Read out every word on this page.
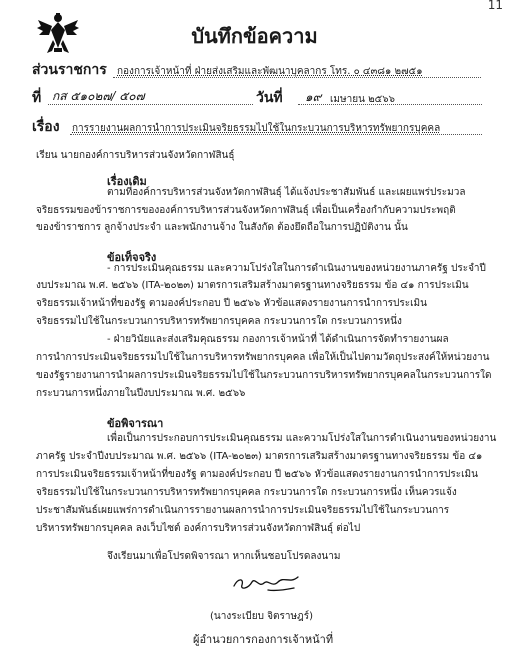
11
บันทึกข้อความ
ส่วนราชการ กองการเจ้าหน้าที่ ฝ่ายส่งเสริมและพัฒนาบุคลากร โทร. ๐ ๔๓๘๑ ๒๗๕๑
ที่ กส ๕๑๐๒๗/ ๕๐๗	วันที่ ๑๙ เมษายน ๒๕๖๖
เรื่อง การรายงานผลการนำการประเมินจริยธรรมไปใช้ในกระบวนการบริหารทรัพยากรบุคคล
เรียน นายกองค์การบริหารส่วนจังหวัดกาฬสินธุ์
เรื่องเดิม
ตามที่องค์การบริหารส่วนจังหวัดกาฬสินธุ์ ได้แจ้งประชาสัมพันธ์ และเผยแพร่ประมวล
จริยธรรมของข้าราชการขององค์การบริหารส่วนจังหวัดกาฬสินธุ์ เพื่อเป็นเครื่องกำกับความประพฤติ
ของข้าราชการ ลูกจ้างประจำ และพนักงานจ้าง ในสังกัด ต้องยึดถือในการปฏิบัติงาน นั้น
ข้อเท็จจริง
- การประเมินคุณธรรม และความโปร่งใสในการดำเนินงานของหน่วยงานภาครัฐ ประจำปี
งบประมาณ พ.ศ. ๒๕๖๖ (ITA-๒๐๒๓) มาตรการเสริมสร้างมาตรฐานทางจริยธรรม ข้อ ๔๑ การประเมิน
จริยธรรมเจ้าหน้าที่ของรัฐ ตามองค์ประกอบ ปี ๒๕๖๖ หัวข้อแสดงรายงานการนำการประเมิน
จริยธรรมไปใช้ในกระบวนการบริหารทรัพยากรบุคคล กระบวนการใด กระบวนการหนึ่ง
- ฝ่ายวินัยและส่งเสริมคุณธรรม กองการเจ้าหน้าที่ ได้ดำเนินการจัดทำรายงานผล
การนำการประเมินจริยธรรมไปใช้ในการบริหารทรัพยากรบุคคล เพื่อให้เป็นไปตามวัตถุประสงค์ให้หน่วยงาน
ของรัฐรายงานการนำผลการประเมินจริยธรรมไปใช้ในกระบวนการบริหารทรัพยากรบุคคลในกระบวนการใด
กระบวนการหนึ่งภายในปีงบประมาณ พ.ศ. ๒๕๖๖
ข้อพิจารณา
เพื่อเป็นการประกอบการประเมินคุณธรรม และความโปร่งใสในการดำเนินงานของหน่วยงาน
ภาครัฐ ประจำปีงบประมาณ พ.ศ. ๒๕๖๖ (ITA-๒๐๒๓) มาตรการเสริมสร้างมาตรฐานทางจริยธรรม ข้อ ๔๑
การประเมินจริยธรรมเจ้าหน้าที่ของรัฐ ตามองค์ประกอบ ปี ๒๕๖๖ หัวข้อแสดงรายงานการนำการประเมิน
จริยธรรมไปใช้ในกระบวนการบริหารทรัพยากรบุคคล กระบวนการใด กระบวนการหนึ่ง เห็นควรแจ้ง
ประชาสัมพันธ์เผยแพร่การดำเนินการรายงานผลการนำการประเมินจริยธรรมไปใช้ในกระบวนการ
บริหารทรัพยากรบุคคล ลงเว็บไซต์ องค์การบริหารส่วนจังหวัดกาฬสินธุ์ ต่อไป
จึงเรียนมาเพื่อโปรดพิจารณา หากเห็นชอบโปรดลงนาม
(นางระเบียบ จิตราษฎร์)
ผู้อำนวยการกองการเจ้าหน้าที่
